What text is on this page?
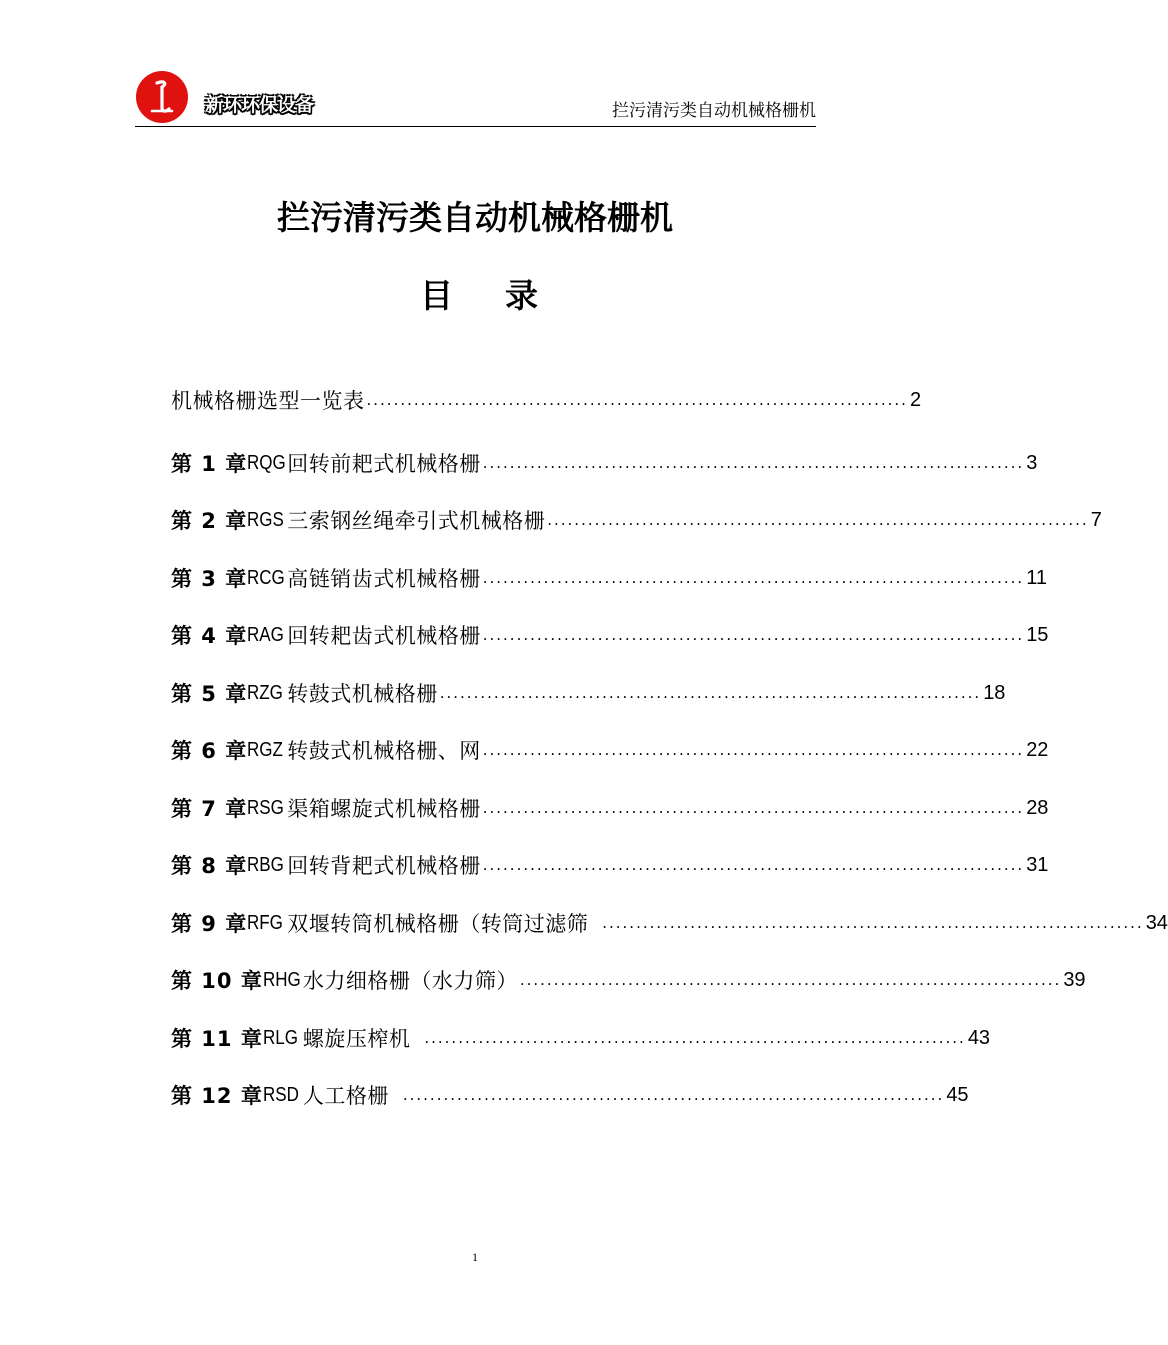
新环环保设备	拦污清污类自动机械格栅机
拦污清污类自动机械格栅机
目 录
机械格栅选型一览表 ................................................................................ 2
第 1 章 RQG 回转前耙式机械格栅 ................................................................................ 3
第 2 章 RGS 三索钢丝绳牵引式机械格栅 ................................................................................ 7
第 3 章 RCG 高链销齿式机械格栅 ................................................................................ 11
第 4 章 RAG 回转耙齿式机械格栅 ................................................................................ 15
第 5 章 RZG 转鼓式机械格栅 ................................................................................ 18
第 6 章 RGZ 转鼓式机械格栅、网 ................................................................................ 22
第 7 章 RSG 渠箱螺旋式机械格栅 ................................................................................ 28
第 8 章 RBG 回转背耙式机械格栅 ................................................................................ 31
第 9 章 RFG 双堰转筒机械格栅（转筒过滤筛 ................................................................................ 34
第 10 章 RHG 水力细格栅（水力筛） ................................................................................ 39
第 11 章 RLG 螺旋压榨机 ................................................................................ 43
第 12 章 RSD 人工格栅 ................................................................................ 45
1
